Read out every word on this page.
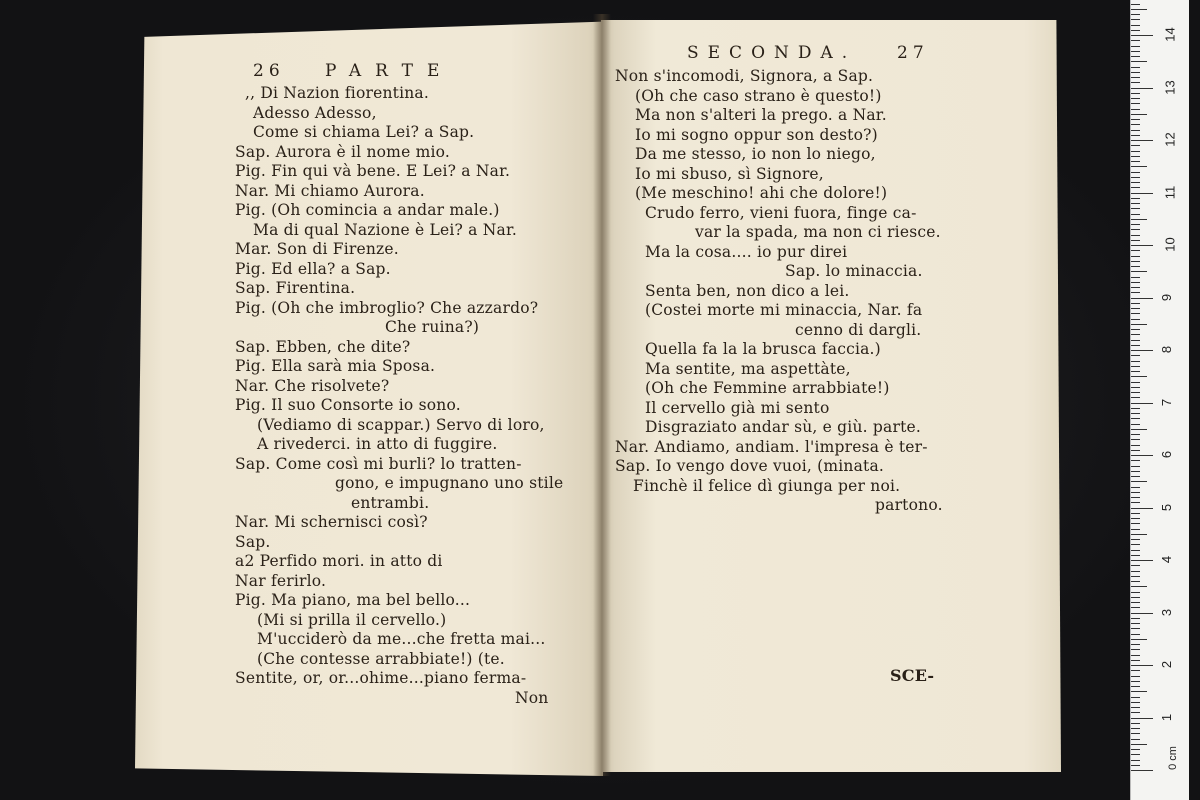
26

PARTE

SECONDA.

27

,, Di Nazion fiorentina.
Adesso Adesso,
Come si chiama Lei? a Sap.
Sap. Aurora è il nome mio.
Pig. Fin qui và bene. E Lei? a Nar.
Nar. Mi chiamo Aurora.
Pig. (Oh comincia a andar male.)
Ma di qual Nazione è Lei? a Nar.
Mar. Son di Firenze.
Pig. Ed ella? a Sap.
Sap. Firentina.
Pig. (Oh che imbroglio? Che azzardo?
Che ruina?)
Sap. Ebben, che dite?
Pig. Ella sarà mia Sposa.
Nar. Che risolvete?
Pig. Il suo Consorte io sono.
(Vediamo di scappar.) Servo di loro,
A rivederci. in atto di fuggire.
Sap. Come così mi burli? lo tratten-
gono, e impugnano uno stile
entrambi.
Nar. Mi schernisci così?
Sap.
a2 Perfido mori. in atto di
Nar ferirlo.
Pig. Ma piano, ma bel bello...
(Mi si prilla il cervello.)
M'ucciderò da me...che fretta mai...
(Che contesse arrabbiate!) (te.
Sentite, or, or...ohime...piano ferma-
Non
Non s'incomodi, Signora, a Sap.
(Oh che caso strano è questo!)
Ma non s'alteri la prego. a Nar.
Io mi sogno oppur son desto?)
Da me stesso, io non lo niego,
Io mi sbuso, sì Signore,
(Me meschino! ahi che dolore!)
Crudo ferro, vieni fuora, finge ca-
var la spada, ma non ci riesce.
Ma la cosa.... io pur direi
Sap. lo minaccia.
Senta ben, non dico a lei.
(Costei morte mi minaccia, Nar. fa
cenno di dargli.
Quella fa la la brusca faccia.)
Ma sentite, ma aspettàte,
(Oh che Femmine arrabbiate!)
Il cervello già mi sento
Disgraziato andar sù, e giù. parte.
Nar. Andiamo, andiam. l'impresa è ter-
Sap. Io vengo dove vuoi, (minata.
Finchè il felice dì giunga per noi.
partono.
SCE-
0 cm
14
13
12
11
10
9
8
7
6
5
4
3
2
1
